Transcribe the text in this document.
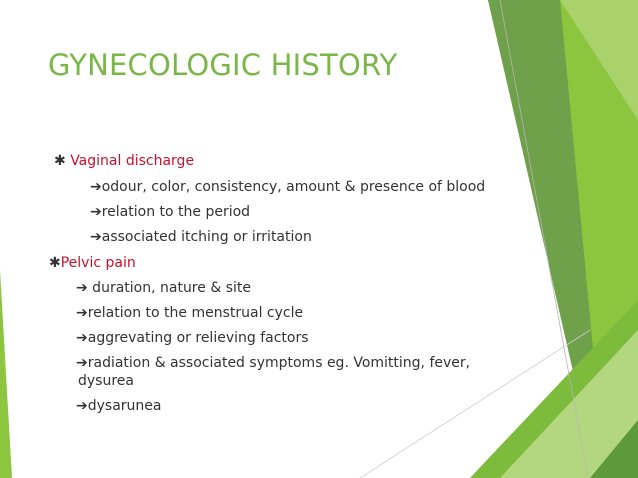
GYNECOLOGIC HISTORY
✱ Vaginal discharge
➔odour, color, consistency, amount & presence of blood
➔relation to the period
➔associated itching or irritation
✱Pelvic pain
➔ duration, nature & site
➔relation to the menstrual cycle
➔aggrevating or relieving factors
➔radiation & associated symptoms eg. Vomitting, fever,
dysurea
➔dysarunea
